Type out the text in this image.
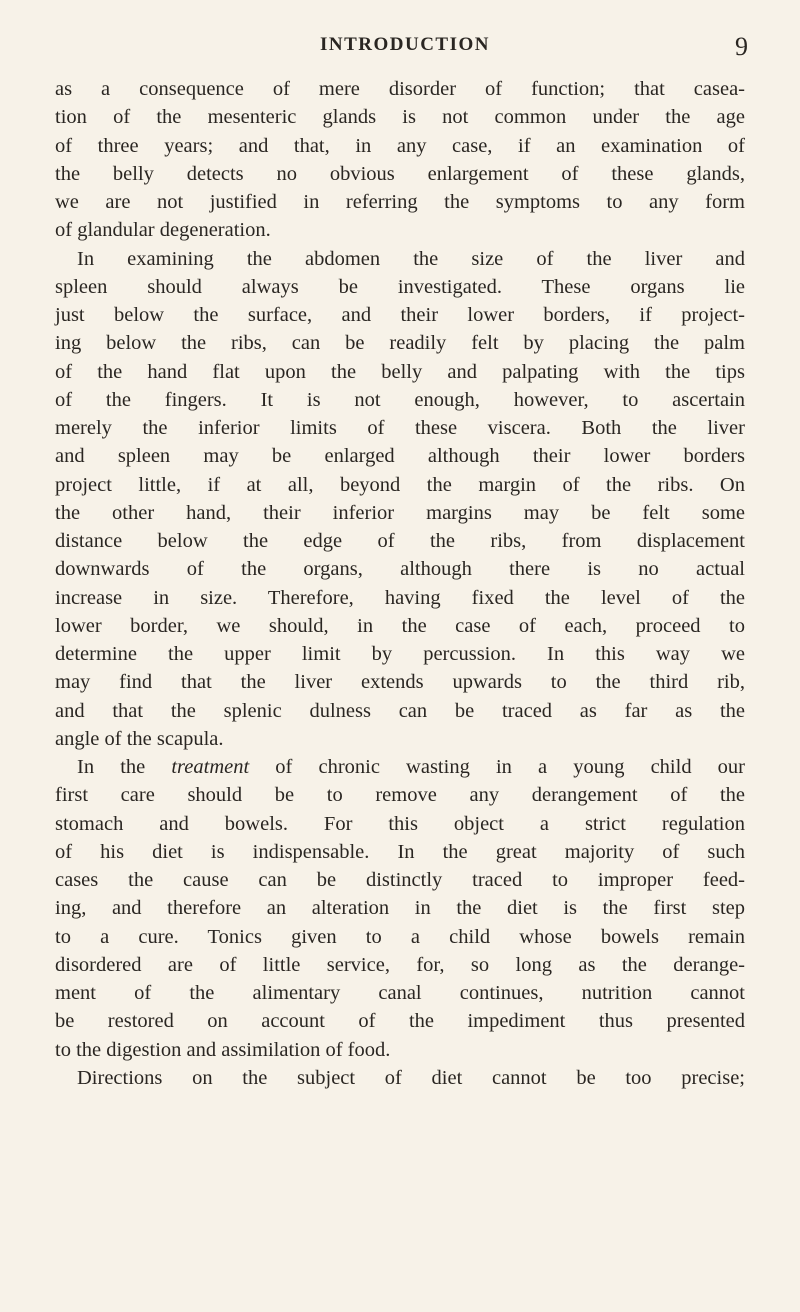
INTRODUCTION	9
as a consequence of mere disorder of function; that casea-
tion of the mesenteric glands is not common under the age
of three years; and that, in any case, if an examination of
the belly detects no obvious enlargement of these glands,
we are not justified in referring the symptoms to any form
of glandular degeneration.
In examining the abdomen the size of the liver and
spleen should always be investigated. These organs lie
just below the surface, and their lower borders, if project-
ing below the ribs, can be readily felt by placing the palm
of the hand flat upon the belly and palpating with the tips
of the fingers. It is not enough, however, to ascertain
merely the inferior limits of these viscera. Both the liver
and spleen may be enlarged although their lower borders
project little, if at all, beyond the margin of the ribs. On
the other hand, their inferior margins may be felt some
distance below the edge of the ribs, from displacement
downwards of the organs, although there is no actual
increase in size. Therefore, having fixed the level of the
lower border, we should, in the case of each, proceed to
determine the upper limit by percussion. In this way we
may find that the liver extends upwards to the third rib,
and that the splenic dulness can be traced as far as the
angle of the scapula.
In the treatment of chronic wasting in a young child our
first care should be to remove any derangement of the
stomach and bowels. For this object a strict regulation
of his diet is indispensable. In the great majority of such
cases the cause can be distinctly traced to improper feed-
ing, and therefore an alteration in the diet is the first step
to a cure. Tonics given to a child whose bowels remain
disordered are of little service, for, so long as the derange-
ment of the alimentary canal continues, nutrition cannot
be restored on account of the impediment thus presented
to the digestion and assimilation of food.
Directions on the subject of diet cannot be too precise;
